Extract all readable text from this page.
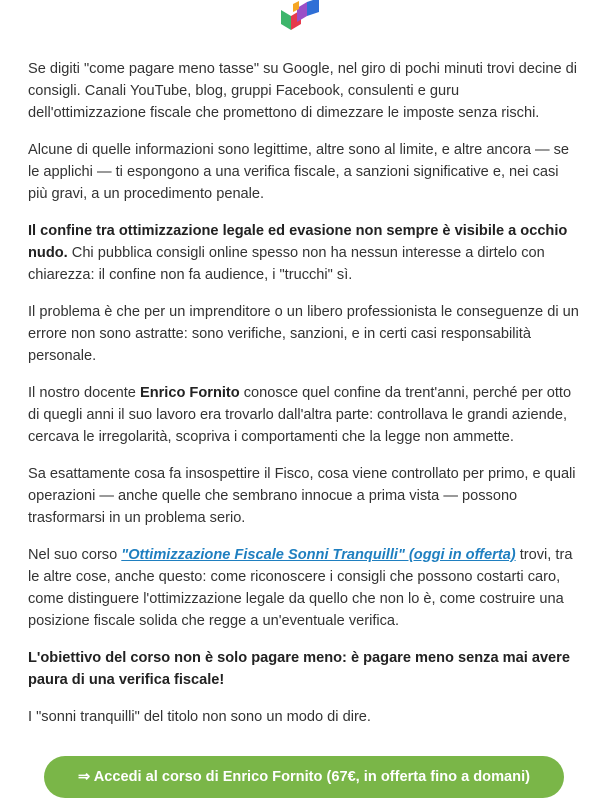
Se digiti "come pagare meno tasse" su Google, nel giro di pochi minuti trovi decine di consigli. Canali YouTube, blog, gruppi Facebook, consulenti e guru dell'ottimizzazione fiscale che promettono di dimezzare le imposte senza rischi.

Alcune di quelle informazioni sono legittime, altre sono al limite, e altre ancora — se le applichi — ti espongono a una verifica fiscale, a sanzioni significative e, nei casi più gravi, a un procedimento penale.

Il confine tra ottimizzazione legale ed evasione non sempre è visibile a occhio nudo. Chi pubblica consigli online spesso non ha nessun interesse a dirtelo con chiarezza: il confine non fa audience, i "trucchi" sì.

Il problema è che per un imprenditore o un libero professionista le conseguenze di un errore non sono astratte: sono verifiche, sanzioni, e in certi casi responsabilità personale.

Il nostro docente Enrico Fornito conosce quel confine da trent'anni, perché per otto di quegli anni il suo lavoro era trovarlo dall'altra parte: controllava le grandi aziende, cercava le irregolarità, scopriva i comportamenti che la legge non ammette.

Sa esattamente cosa fa insospettire il Fisco, cosa viene controllato per primo, e quali operazioni — anche quelle che sembrano innocue a prima vista — possono trasformarsi in un problema serio.

Nel suo corso "Ottimizzazione Fiscale Sonni Tranquilli" (oggi in offerta) trovi, tra le altre cose, anche questo: come riconoscere i consigli che possono costarti caro, come distinguere l'ottimizzazione legale da quello che non lo è, come costruire una posizione fiscale solida che regge a un'eventuale verifica.

L'obiettivo del corso non è solo pagare meno: è pagare meno senza mai avere paura di una verifica fiscale!

I "sonni tranquilli" del titolo non sono un modo di dire.

⇒ Accedi al corso di Enrico Fornito (67€, in offerta fino a domani)
